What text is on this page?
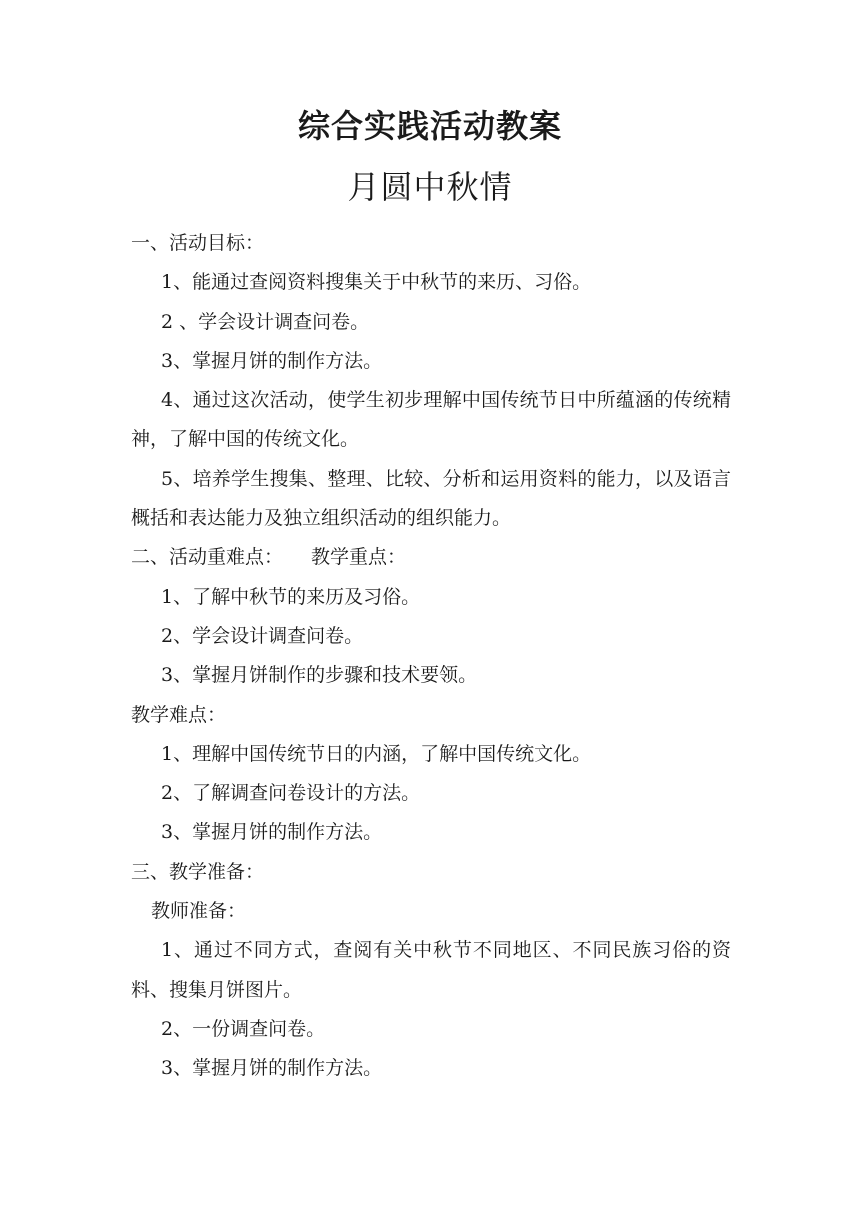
综合实践活动教案
月圆中秋情

一、活动目标：

1、能通过查阅资料搜集关于中秋节的来历、习俗。

2 、学会设计调查问卷。

3、掌握月饼的制作方法。

4、通过这次活动，使学生初步理解中国传统节日中所蕴涵的传统精神，了解中国的传统文化。

5、培养学生搜集、整理、比较、分析和运用资料的能力，以及语言概括和表达能力及独立组织活动的组织能力。

二、活动重难点： 教学重点：

1、了解中秋节的来历及习俗。

2、学会设计调查问卷。

3、掌握月饼制作的步骤和技术要领。

教学难点：

1、理解中国传统节日的内涵，了解中国传统文化。

2、了解调查问卷设计的方法。

3、掌握月饼的制作方法。

三、教学准备：

教师准备：

1、通过不同方式，查阅有关中秋节不同地区、不同民族习俗的资料、搜集月饼图片。

2、一份调查问卷。

3、掌握月饼的制作方法。
